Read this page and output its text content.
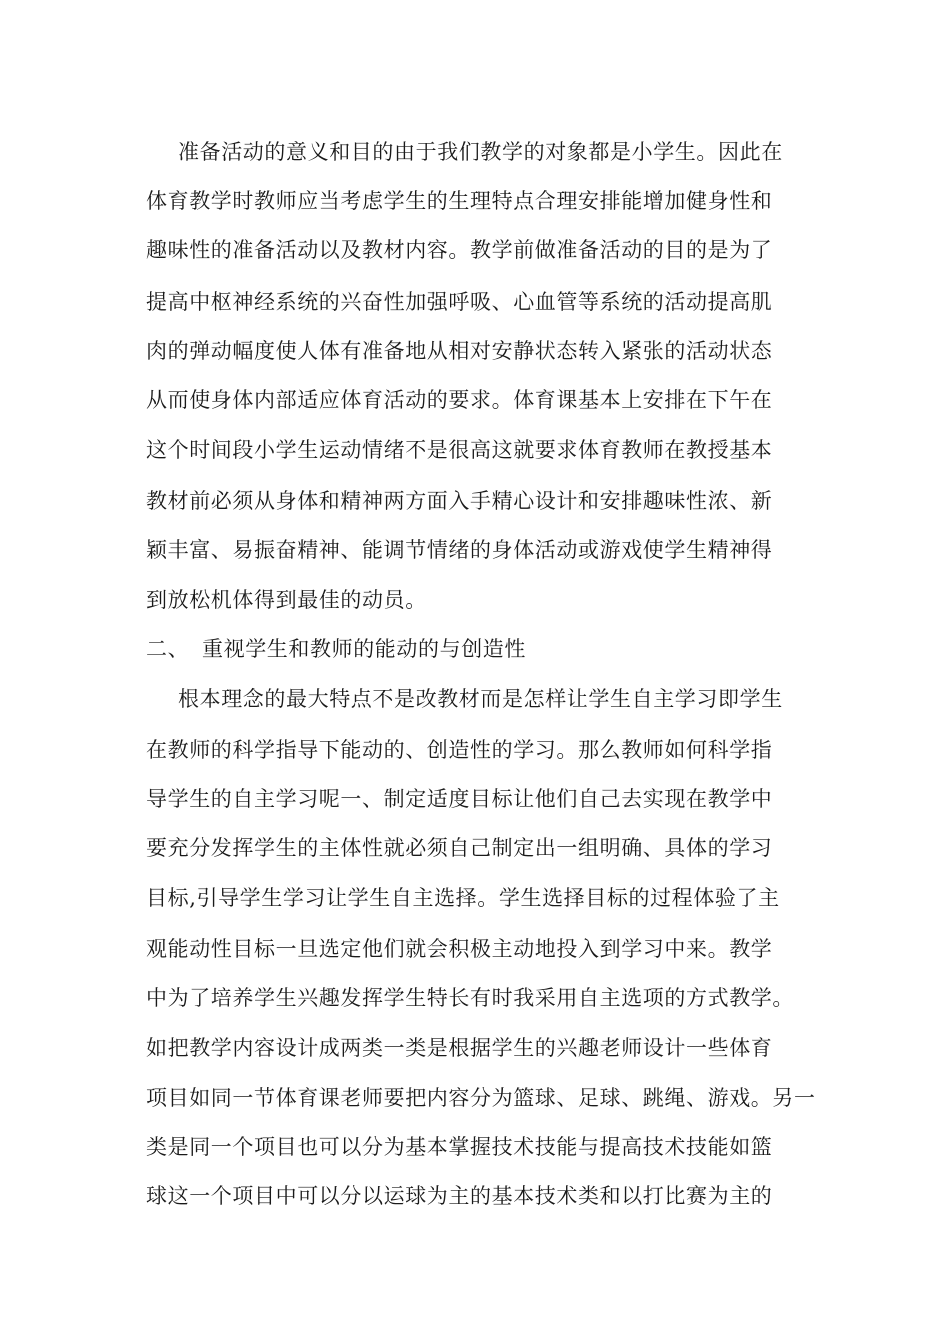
准备活动的意义和目的由于我们教学的对象都是小学生。因此在
体育教学时教师应当考虑学生的生理特点合理安排能增加健身性和
趣味性的准备活动以及教材内容。教学前做准备活动的目的是为了
提高中枢神经系统的兴奋性加强呼吸、心血管等系统的活动提高肌
肉的弹动幅度使人体有准备地从相对安静状态转入紧张的活动状态
从而使身体内部适应体育活动的要求。体育课基本上安排在下午在
这个时间段小学生运动情绪不是很高这就要求体育教师在教授基本
教材前必须从身体和精神两方面入手精心设计和安排趣味性浓、新
颖丰富、易振奋精神、能调节情绪的身体活动或游戏使学生精神得
到放松机体得到最佳的动员。
二、 重视学生和教师的能动的与创造性
根本理念的最大特点不是改教材而是怎样让学生自主学习即学生
在教师的科学指导下能动的、创造性的学习。那么教师如何科学指
导学生的自主学习呢一、制定适度目标让他们自己去实现在教学中
要充分发挥学生的主体性就必须自己制定出一组明确、具体的学习
目标,引导学生学习让学生自主选择。学生选择目标的过程体验了主
观能动性目标一旦选定他们就会积极主动地投入到学习中来。教学
中为了培养学生兴趣发挥学生特长有时我采用自主选项的方式教学。
如把教学内容设计成两类一类是根据学生的兴趣老师设计一些体育
项目如同一节体育课老师要把内容分为篮球、足球、跳绳、游戏。另一
类是同一个项目也可以分为基本掌握技术技能与提高技术技能如篮
球这一个项目中可以分以运球为主的基本技术类和以打比赛为主的
